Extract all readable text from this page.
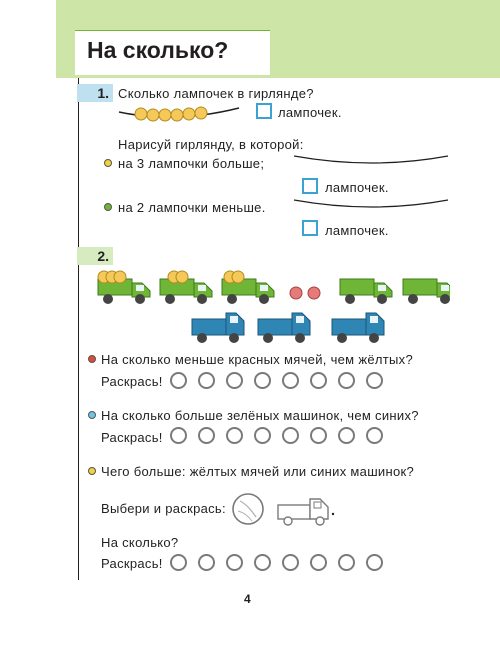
На сколько?
1. Сколько лампочек в гирлянде?
лампочек.
Нарисуй гирлянду, в которой:
на 3 лампочки больше;
лампочек.
на 2 лампочки меньше.
лампочек.
2.
На сколько меньше красных мячей, чем жёлтых?
Раскрась!
На сколько больше зелёных машинок, чем синих?
Раскрась!
Чего больше: жёлтых мячей или синих машинок?
Выбери и раскрась:
На сколько?
Раскрась!
4
